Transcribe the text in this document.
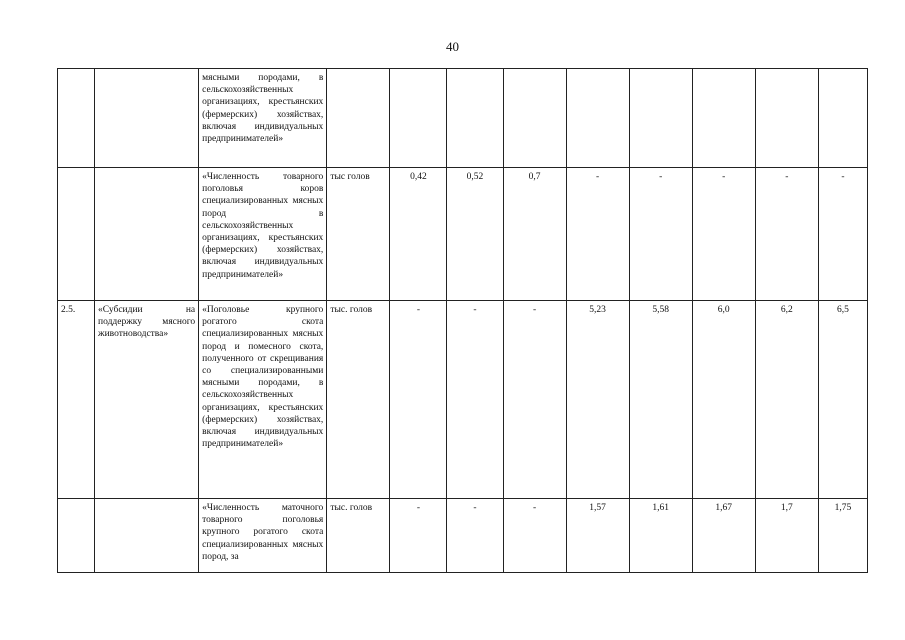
40
		мясными породами, в сельскохозяйственных организациях, крестьянских (фермерских) хозяйствах, включая индивидуальных предпринимателей»									
		«Численность товарного поголовья коров специализированных мясных пород в сельскохозяйственных организациях, крестьянских (фермерских) хозяйствах, включая индивидуальных предпринимателей»	тыс голов	0,42	0,52	0,7	-	-	-	-	-
2.5.	«Субсидии на поддержку мясного животноводства»	«Поголовье крупного рогатого скота специализированных мясных пород и помесного скота, полученного от скрещивания со специализированными мясными породами, в сельскохозяйственных организациях, крестьянских (фермерских) хозяйствах, включая индивидуальных предпринимателей»	тыс. голов	-	-	-	5,23	5,58	6,0	6,2	6,5
		«Численность маточного товарного поголовья крупного рогатого скота специализированных мясных пород, за	тыс. голов	-	-	-	1,57	1,61	1,67	1,7	1,75
